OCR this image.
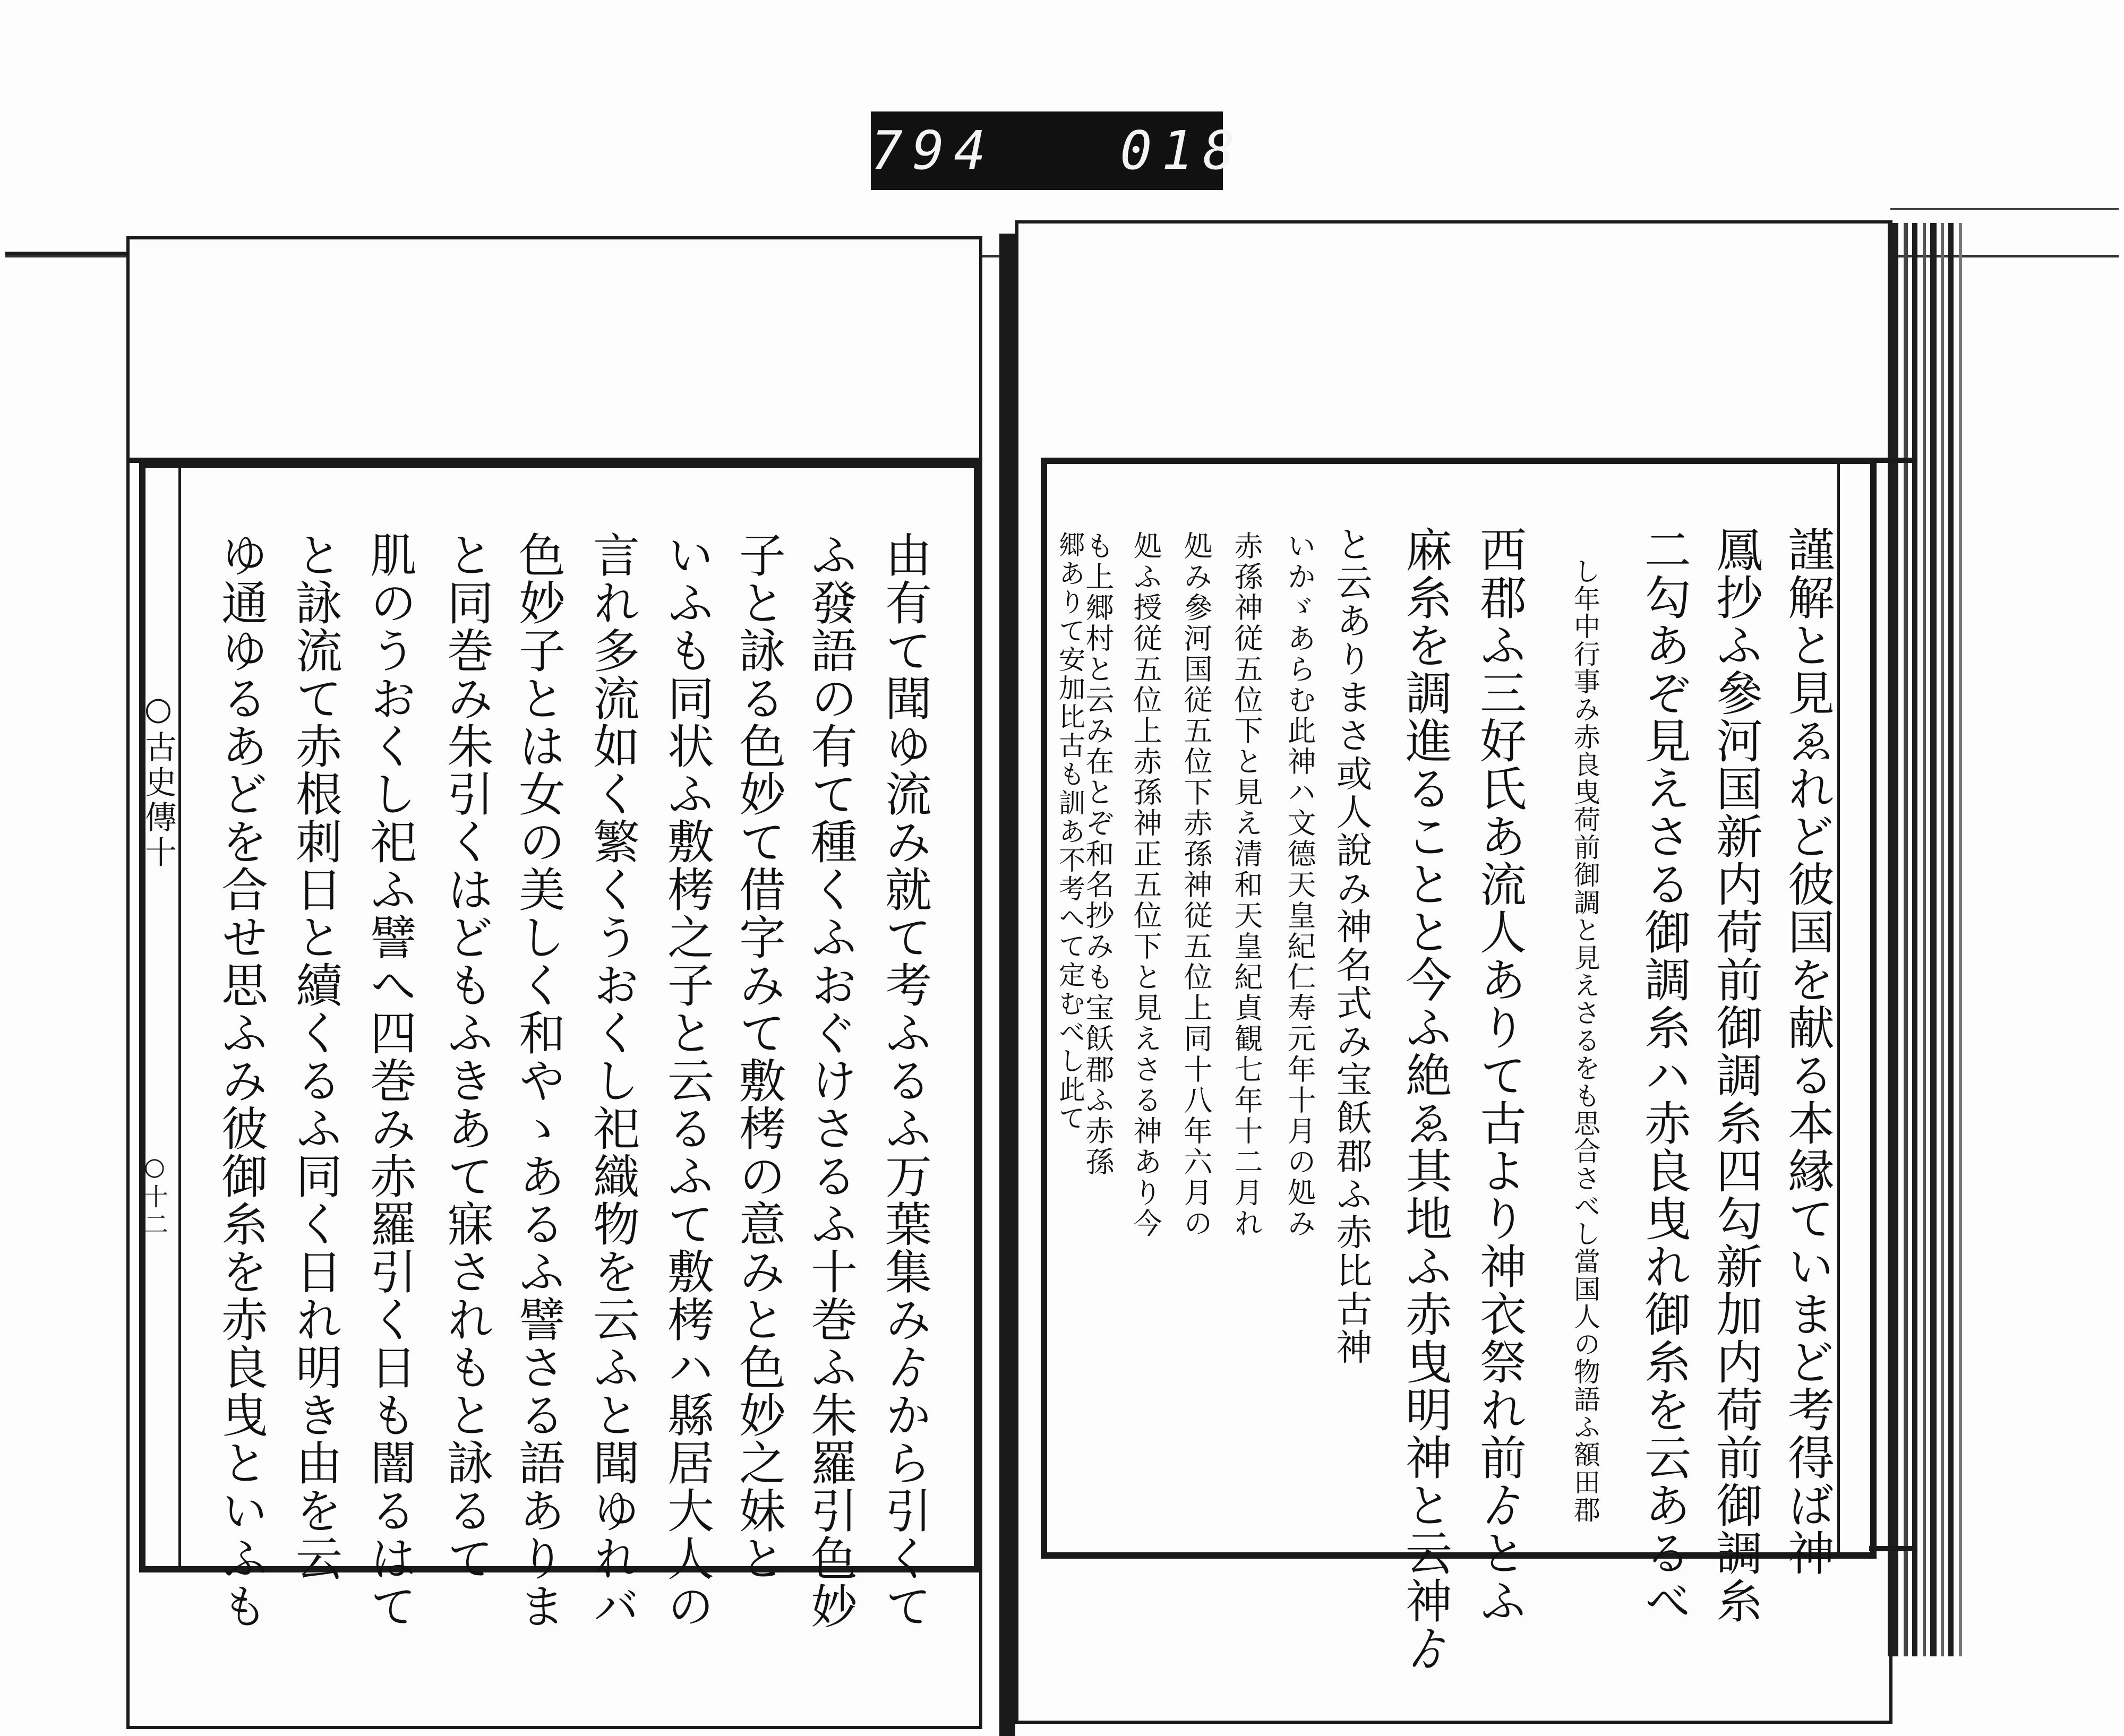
794   018
○古史傳十
○十二	由有て聞ゆ流み就て考ふるふ万葉集みゟから引くて
ふ發語の有て種くふおぐけさるふ十巻ふ朱羅引色妙
子と詠る色妙て借字みて敷栲の意みと色妙之妹と
いふも同状ふ敷栲之子と云るふて敷栲ハ縣居大人の
言れ多流如く繁くうおくし祀織物を云ふと聞ゆれバ
色妙子とは女の美しく和やゝあるふ譬さる語ありま
と同巻み朱引くはどもふきあて寐されもと詠るて
肌のうおくし祀ふ譬へ四巻み赤羅引く日も闇るはて
と詠流て赤根刺日と續くるふ同く日れ明き由を云
ゆ通ゆるあどを合せ思ふみ彼御糸を赤良曳といふも	謹解と見ゑれど彼国を献る本縁ていまど考得ば神
鳳抄ふ參河国新内荷前御調糸四勾新加内荷前御調糸
二勾あぞ見えさる御調糸ハ赤良曳れ御糸を云あるべ
し年中行事み赤良曳荷前御調と見えさるをも思合さべし當国人の物語ふ額田郡
西郡ふ三好氏あ流人ありて古より神衣祭れ前ゟとふ
麻糸を調進ることと今ふ絶ゑ其地ふ赤曳明神と云神ゟ
と云ありまさ或人說み神名式み宝飫郡ふ赤比古神
いかゞあらむ此神ハ文德天皇紀仁寿元年十月の処み
赤孫神従五位下と見え清和天皇紀貞観七年十二月れ
処み參河国従五位下赤孫神従五位上同十八年六月の
処ふ授従五位上赤孫神正五位下と見えさる神あり今
も上郷村と云み在とぞ和名抄みも宝飫郡ふ赤孫
郷ありて安加比古も訓あ不考へて定むべし此て
